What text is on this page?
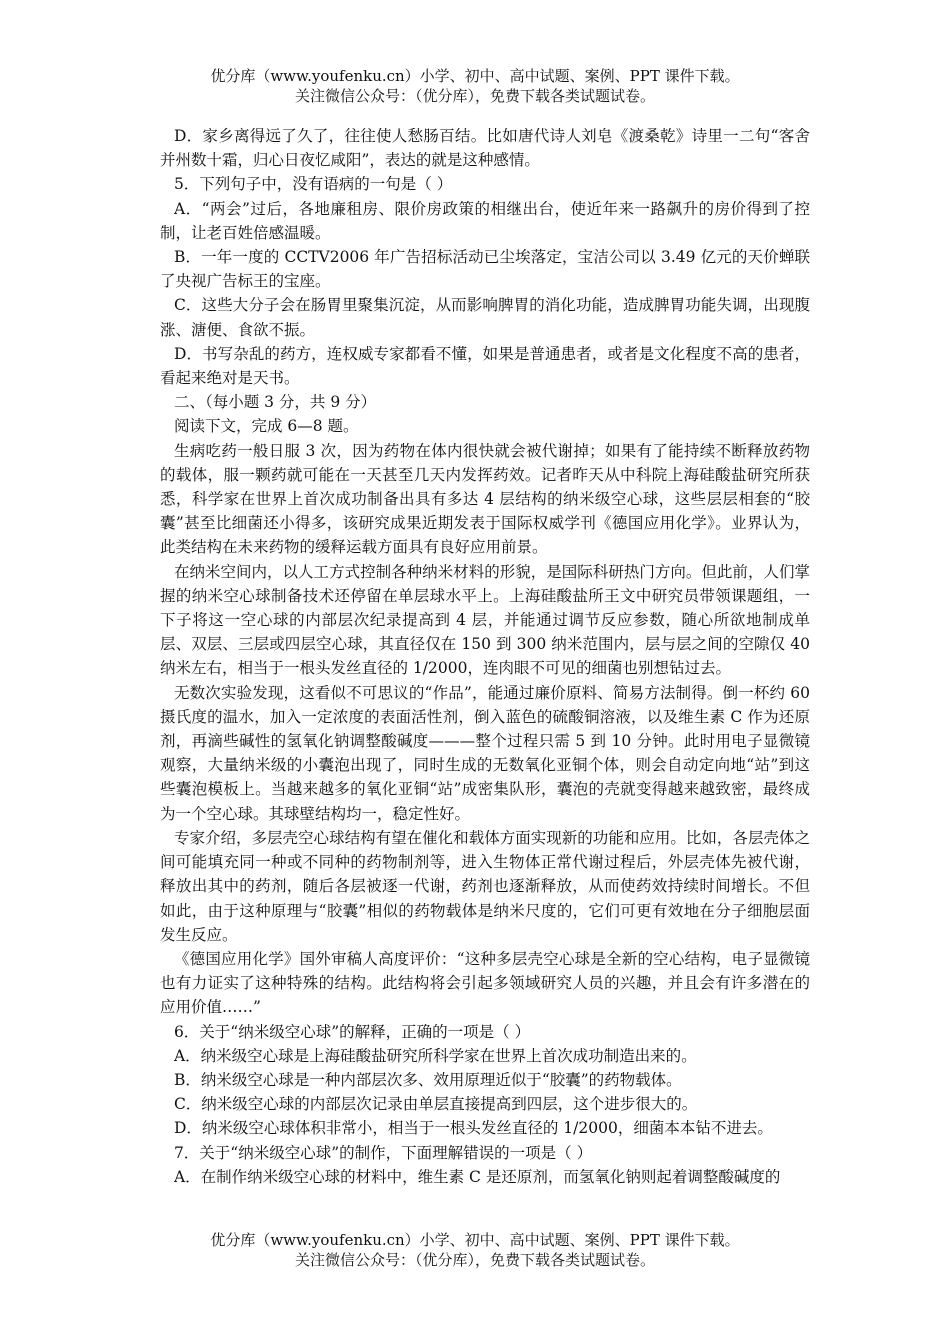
优分库（www.youfenku.cn）小学、初中、高中试题、案例、PPT 课件下载。
关注微信公众号：（优分库），免费下载各类试题试卷。

D．家乡离得远了久了，往往使人愁肠百结。比如唐代诗人刘皂《渡桑乾》诗里一二句“客舍并州数十霜，归心日夜忆咸阳”，表达的就是这种感情。

5．下列句子中，没有语病的一句是（ ）

A．“两会”过后，各地廉租房、限价房政策的相继出台，使近年来一路飙升的房价得到了控制，让老百姓倍感温暖。

B．一年一度的 CCTV2006 年广告招标活动已尘埃落定，宝洁公司以 3.49 亿元的天价蝉联了央视广告标王的宝座。

C．这些大分子会在肠胃里聚集沉淀，从而影响脾胃的消化功能，造成脾胃功能失调，出现腹涨、溏便、食欲不振。

D．书写杂乱的药方，连权威专家都看不懂，如果是普通患者，或者是文化程度不高的患者，看起来绝对是天书。

二、（每小题 3 分，共 9 分）

阅读下文，完成 6—8 题。

生病吃药一般日服 3 次，因为药物在体内很快就会被代谢掉；如果有了能持续不断释放药物的载体，服一颗药就可能在一天甚至几天内发挥药效。记者昨天从中科院上海硅酸盐研究所获悉，科学家在世界上首次成功制备出具有多达 4 层结构的纳米级空心球，这些层层相套的“胶囊”甚至比细菌还小得多，该研究成果近期发表于国际权威学刊《德国应用化学》。业界认为，此类结构在未来药物的缓释运载方面具有良好应用前景。

在纳米空间内，以人工方式控制各种纳米材料的形貌，是国际科研热门方向。但此前，人们掌握的纳米空心球制备技术还停留在单层球水平上。上海硅酸盐所王文中研究员带领课题组，一下子将这一空心球的内部层次纪录提高到 4 层，并能通过调节反应参数，随心所欲地制成单层、双层、三层或四层空心球，其直径仅在 150 到 300 纳米范围内，层与层之间的空隙仅 40 纳米左右，相当于一根头发丝直径的 1/2000，连肉眼不可见的细菌也别想钻过去。

无数次实验发现，这看似不可思议的“作品”，能通过廉价原料、简易方法制得。倒一杯约 60 摄氏度的温水，加入一定浓度的表面活性剂，倒入蓝色的硫酸铜溶液，以及维生素 C 作为还原剂，再滴些碱性的氢氧化钠调整酸碱度———整个过程只需 5 到 10 分钟。此时用电子显微镜观察，大量纳米级的小囊泡出现了，同时生成的无数氧化亚铜个体，则会自动定向地“站”到这些囊泡模板上。当越来越多的氧化亚铜“站”成密集队形，囊泡的壳就变得越来越致密，最终成为一个空心球。其球壁结构均一，稳定性好。

专家介绍，多层壳空心球结构有望在催化和载体方面实现新的功能和应用。比如，各层壳体之间可能填充同一种或不同种的药物制剂等，进入生物体正常代谢过程后，外层壳体先被代谢，释放出其中的药剂，随后各层被逐一代谢，药剂也逐渐释放，从而使药效持续时间增长。不但如此，由于这种原理与“胶囊”相似的药物载体是纳米尺度的，它们可更有效地在分子细胞层面发生反应。

《德国应用化学》国外审稿人高度评价：“这种多层壳空心球是全新的空心结构，电子显微镜也有力证实了这种特殊的结构。此结构将会引起多领域研究人员的兴趣，并且会有许多潜在的应用价值……”

6．关于“纳米级空心球”的解释，正确的一项是（ ）

A．纳米级空心球是上海硅酸盐研究所科学家在世界上首次成功制造出来的。

B．纳米级空心球是一种内部层次多、效用原理近似于“胶囊”的药物载体。

C．纳米级空心球的内部层次记录由单层直接提高到四层，这个进步很大的。

D．纳米级空心球体积非常小，相当于一根头发丝直径的 1/2000，细菌本本钻不进去。

7．关于“纳米级空心球”的制作，下面理解错误的一项是（ ）

A．在制作纳米级空心球的材料中，维生素 C 是还原剂，而氢氧化钠则起着调整酸碱度的

优分库（www.youfenku.cn）小学、初中、高中试题、案例、PPT 课件下载。
关注微信公众号：（优分库），免费下载各类试题试卷。
